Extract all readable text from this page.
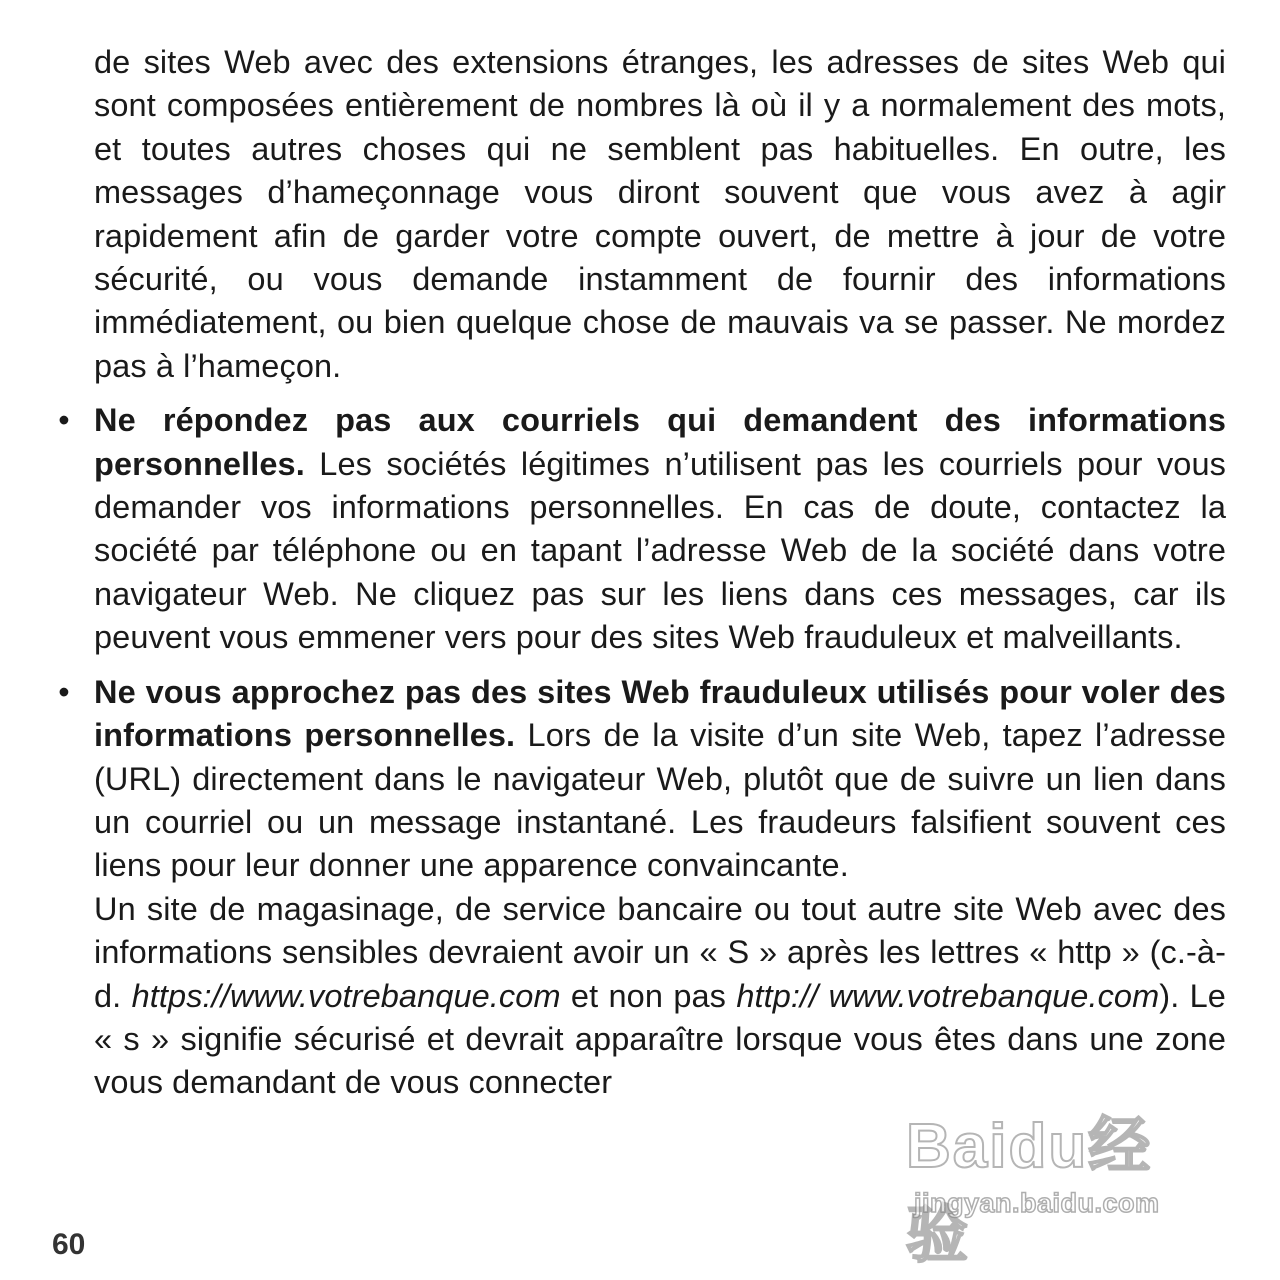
de sites Web avec des extensions étranges, les adresses de sites Web qui sont composées entièrement de nombres là où il y a normalement des mots, et toutes autres choses qui ne semblent pas habituelles. En outre, les messages d’hameçonnage vous diront souvent que vous avez à agir rapidement afin de garder votre compte ouvert, de mettre à jour de votre sécurité, ou vous demande instamment de fournir des informations immédiatement, ou bien quelque chose de mauvais va se passer. Ne mordez pas à l’hameçon.

• Ne répondez pas aux courriels qui demandent des informations personnelles. Les sociétés légitimes n’utilisent pas les courriels pour vous demander vos informations personnelles. En cas de doute, contactez la société par téléphone ou en tapant l’adresse Web de la société dans votre navigateur Web. Ne cliquez pas sur les liens dans ces messages, car ils peuvent vous emmener vers pour des sites Web frauduleux et malveillants.

• Ne vous approchez pas des sites Web frauduleux utilisés pour voler des informations personnelles. Lors de la visite d’un site Web, tapez l’adresse (URL) directement dans le navigateur Web, plutôt que de suivre un lien dans un courriel ou un message instantané. Les fraudeurs falsifient souvent ces liens pour leur donner une apparence convaincante.

Un site de magasinage, de service bancaire ou tout autre site Web avec des informations sensibles devraient avoir un « S » après les lettres « http » (c.-à-d. https://www.votrebanque.com et non pas http:// www.votrebanque.com). Le « s » signifie sécurisé et devrait apparaître lorsque vous êtes dans une zone vous demandant de vous connecter

Baidu经验
jingyan.baidu.com
60
